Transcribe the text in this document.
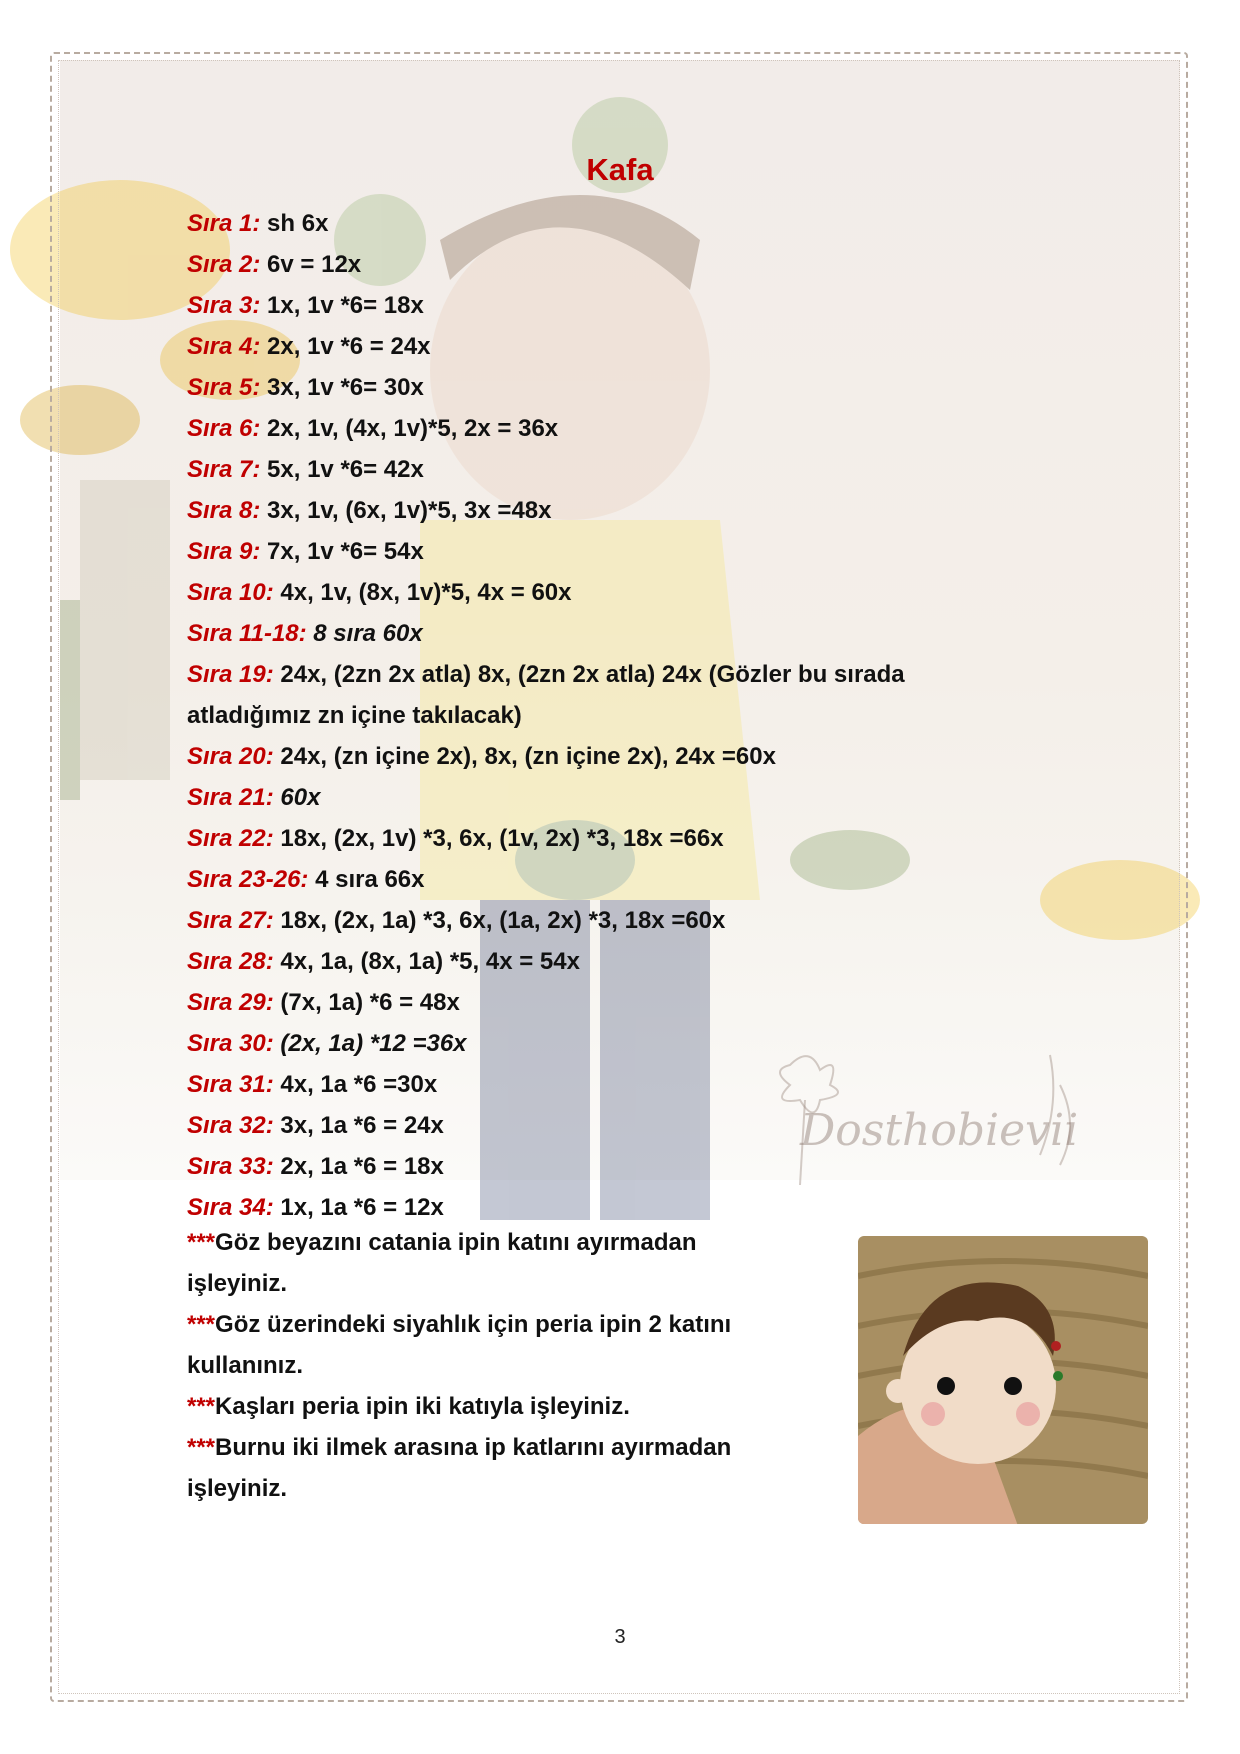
Kafa
Sıra 1: sh 6x
Sıra 2: 6v = 12x
Sıra 3: 1x, 1v *6= 18x
Sıra 4: 2x, 1v *6 = 24x
Sıra 5: 3x, 1v *6= 30x
Sıra 6: 2x, 1v, (4x, 1v)*5, 2x = 36x
Sıra 7: 5x, 1v *6= 42x
Sıra 8: 3x, 1v, (6x, 1v)*5, 3x =48x
Sıra 9: 7x, 1v *6= 54x
Sıra 10: 4x, 1v, (8x, 1v)*5, 4x = 60x
Sıra 11-18: 8 sıra 60x
Sıra 19: 24x, (2zn 2x atla) 8x, (2zn 2x atla) 24x (Gözler bu sırada atladığımız zn içine takılacak)
Sıra 20: 24x, (zn içine 2x), 8x, (zn içine 2x), 24x =60x
Sıra 21: 60x
Sıra 22: 18x, (2x, 1v) *3, 6x, (1v, 2x) *3, 18x =66x
Sıra 23-26: 4 sıra 66x
Sıra 27: 18x, (2x, 1a) *3, 6x, (1a, 2x) *3, 18x =60x
Sıra 28: 4x, 1a, (8x, 1a) *5, 4x = 54x
Sıra 29: (7x, 1a) *6 = 48x
Sıra 30: (2x, 1a) *12 =36x
Sıra 31: 4x, 1a *6 =30x
Sıra 32: 3x, 1a *6 = 24x
Sıra 33: 2x, 1a *6 = 18x
Sıra 34: 1x, 1a *6 = 12x
Dosthobievii
***Göz beyazını catania ipin katını ayırmadan işleyiniz.
***Göz üzerindeki siyahlık için peria ipin 2 katını kullanınız.
***Kaşları peria ipin iki katıyla işleyiniz.
***Burnu iki ilmek arasına ip katlarını ayırmadan işleyiniz.
3
